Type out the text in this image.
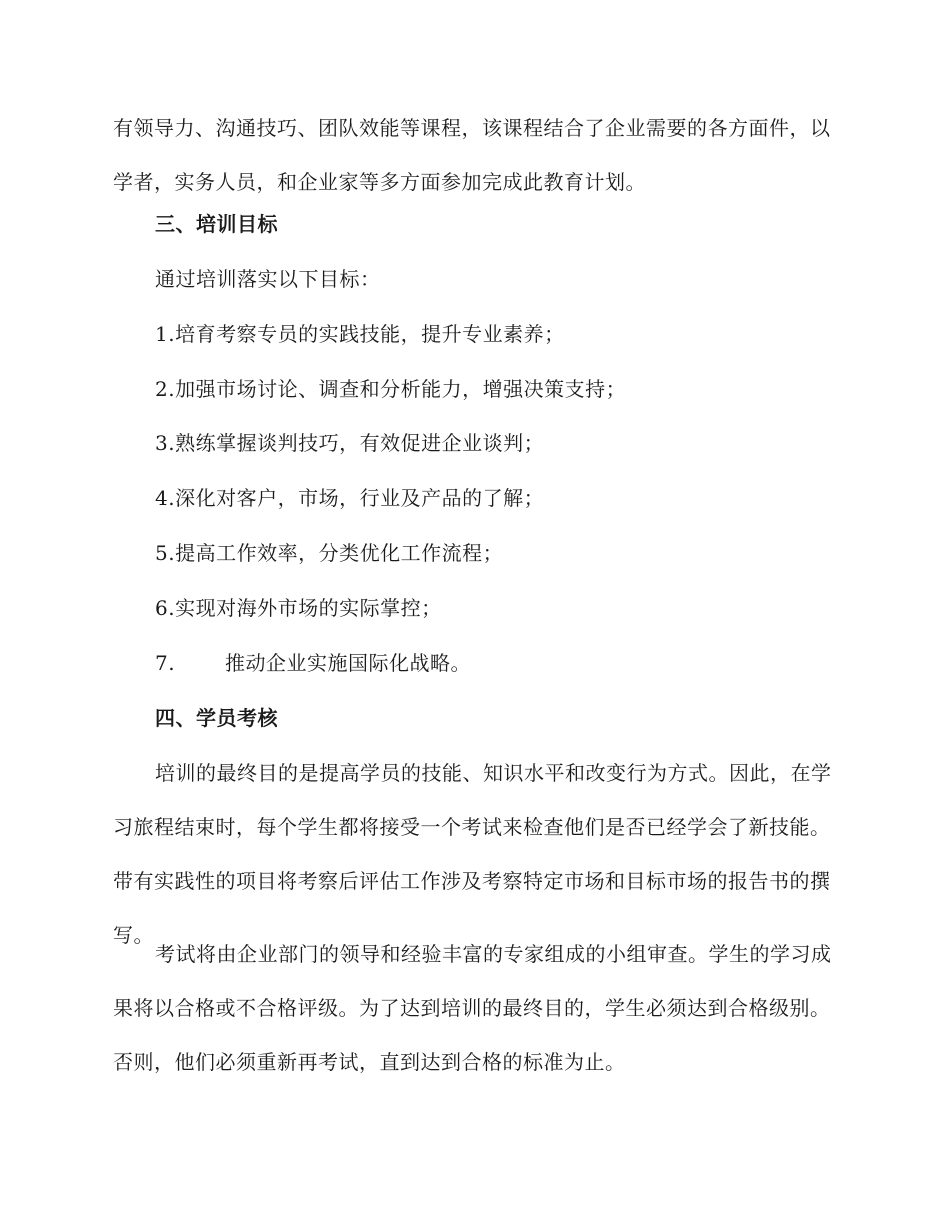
有领导力、沟通技巧、团队效能等课程，该课程结合了企业需要的各方面件，以学者，实务人员，和企业家等多方面参加完成此教育计划。

三、培训目标

通过培训落实以下目标：

1.培育考察专员的实践技能，提升专业素养；

2.加强市场讨论、调查和分析能力，增强决策支持；

3.熟练掌握谈判技巧，有效促进企业谈判；

4.深化对客户，市场，行业及产品的了解；

5.提高工作效率，分类优化工作流程；

6.实现对海外市场的实际掌控；

7. 推动企业实施国际化战略。

四、学员考核

培训的最终目的是提高学员的技能、知识水平和改变行为方式。因此，在学习旅程结束时，每个学生都将接受一个考试来检查他们是否已经学会了新技能。带有实践性的项目将考察后评估工作涉及考察特定市场和目标市场的报告书的撰写。

考试将由企业部门的领导和经验丰富的专家组成的小组审查。学生的学习成果将以合格或不合格评级。为了达到培训的最终目的，学生必须达到合格级别。否则，他们必须重新再考试，直到达到合格的标准为止。
